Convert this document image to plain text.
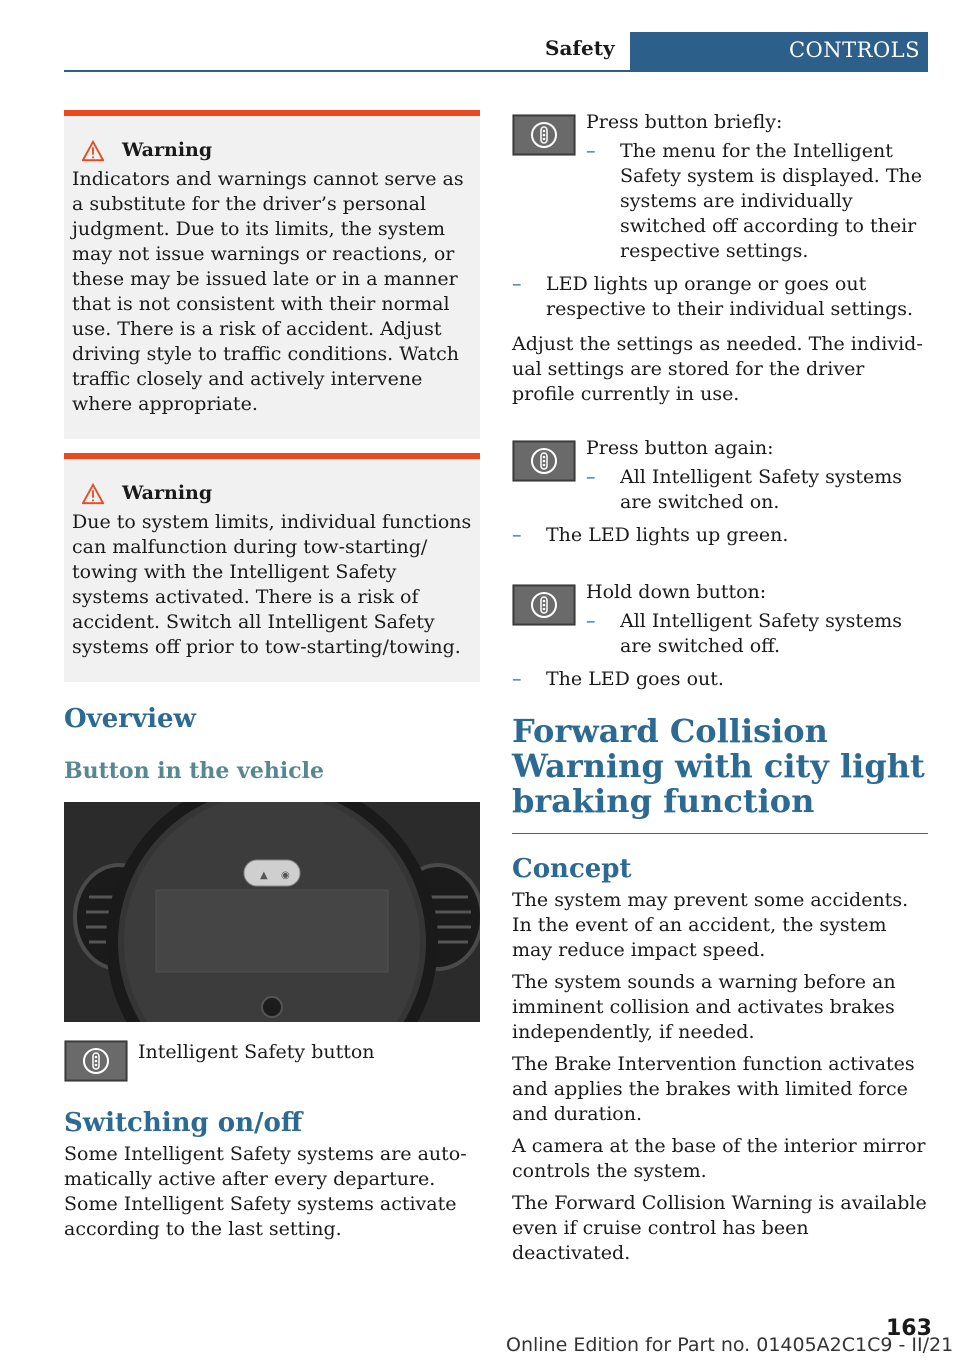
Safety	CONTROLS
Warning
Indicators and warnings cannot serve as a substitute for the driver’s personal judgment. Due to its limits, the system may not issue warnings or reactions, or these may be issued late or in a manner that is not consistent with their normal use. There is a risk of accident. Adjust driving style to traffic conditions. Watch traffic closely and actively intervene where appropriate.
Warning
Due to system limits, individual functions can malfunction during tow-starting/ towing with the Intelligent Safety systems activated. There is a risk of accident. Switch all Intelligent Safety systems off prior to tow-starting/towing.
Overview
Button in the vehicle
▲ ◉
Intelligent Safety button
Switching on/off

Some Intelligent Safety systems are automatically active after every departure. Some Intelligent Safety systems activate according to the last setting.

Press button briefly:
– The menu for the Intelligent Safety system is displayed. The systems are individually switched off according to their respective settings.
– LED lights up orange or goes out respective to their individual settings.

Adjust the settings as needed. The individual settings are stored for the driver profile currently in use.

Press button again:
– All Intelligent Safety systems are switched on.
– The LED lights up green.
Hold down button:
– All Intelligent Safety systems are switched off.
– The LED goes out.
Forward Collision Warning with city light braking function
Concept

The system may prevent some accidents. In the event of an accident, the system may reduce impact speed.

The system sounds a warning before an imminent collision and activates brakes independently, if needed.

The Brake Intervention function activates and applies the brakes with limited force and duration.

A camera at the base of the interior mirror controls the system.

The Forward Collision Warning is available even if cruise control has been deactivated.

163
Online Edition for Part no. 01405A2C1C9 - II/21
